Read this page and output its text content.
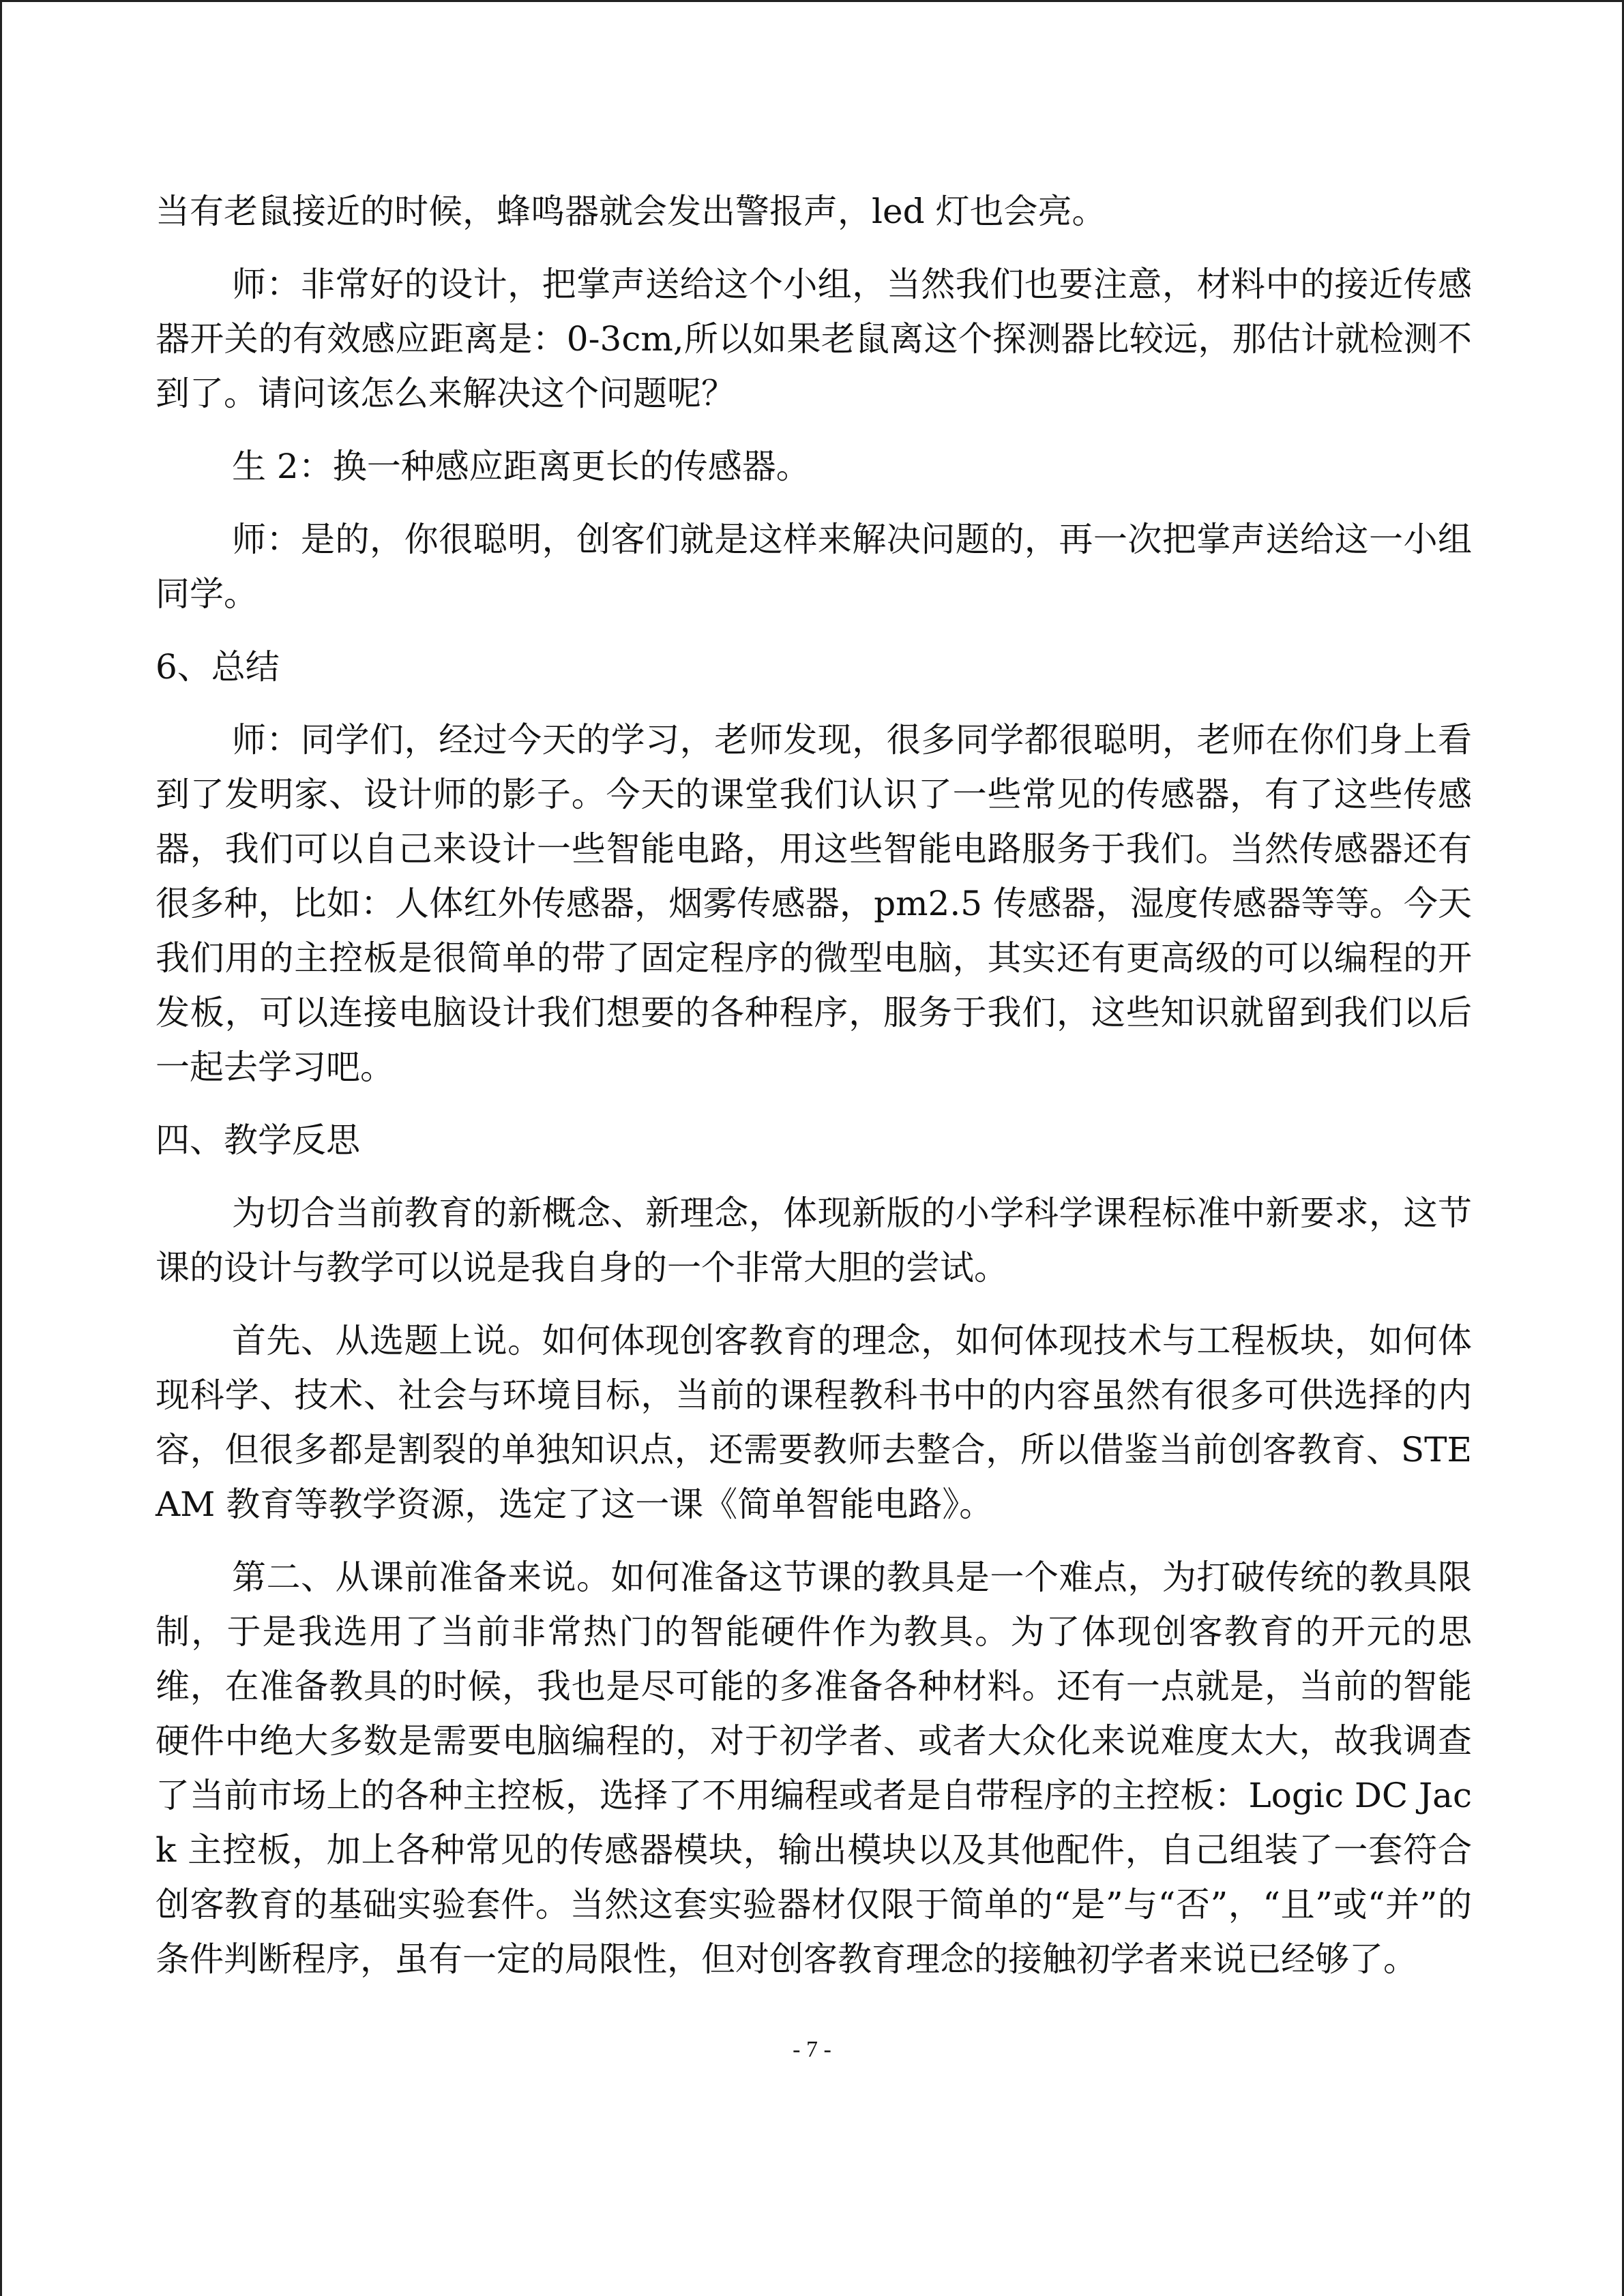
当有老鼠接近的时候，蜂鸣器就会发出警报声，led 灯也会亮。

师：非常好的设计，把掌声送给这个小组，当然我们也要注意，材料中的接近传感器开关的有效感应距离是：0-3cm,所以如果老鼠离这个探测器比较远，那估计就检测不到了。请问该怎么来解决这个问题呢？

生 2：换一种感应距离更长的传感器。

师：是的，你很聪明，创客们就是这样来解决问题的，再一次把掌声送给这一小组同学。

6、总结

师：同学们，经过今天的学习，老师发现，很多同学都很聪明，老师在你们身上看到了发明家、设计师的影子。今天的课堂我们认识了一些常见的传感器，有了这些传感器，我们可以自己来设计一些智能电路，用这些智能电路服务于我们。当然传感器还有很多种，比如：人体红外传感器，烟雾传感器，pm2.5 传感器，湿度传感器等等。今天我们用的主控板是很简单的带了固定程序的微型电脑，其实还有更高级的可以编程的开发板，可以连接电脑设计我们想要的各种程序，服务于我们，这些知识就留到我们以后一起去学习吧。

四、教学反思

为切合当前教育的新概念、新理念，体现新版的小学科学课程标准中新要求，这节课的设计与教学可以说是我自身的一个非常大胆的尝试。

首先、从选题上说。如何体现创客教育的理念，如何体现技术与工程板块，如何体现科学、技术、社会与环境目标，当前的课程教科书中的内容虽然有很多可供选择的内容，但很多都是割裂的单独知识点，还需要教师去整合，所以借鉴当前创客教育、STEAM 教育等教学资源，选定了这一课《简单智能电路》。

第二、从课前准备来说。如何准备这节课的教具是一个难点，为打破传统的教具限制，于是我选用了当前非常热门的智能硬件作为教具。为了体现创客教育的开元的思维，在准备教具的时候，我也是尽可能的多准备各种材料。还有一点就是，当前的智能硬件中绝大多数是需要电脑编程的，对于初学者、或者大众化来说难度太大，故我调查了当前市场上的各种主控板，选择了不用编程或者是自带程序的主控板：Logic DC Jack 主控板，加上各种常见的传感器模块，输出模块以及其他配件，自己组装了一套符合创客教育的基础实验套件。当然这套实验器材仅限于简单的“是”与“否”，“且”或“并”的条件判断程序，虽有一定的局限性，但对创客教育理念的接触初学者来说已经够了。

- 7 -
